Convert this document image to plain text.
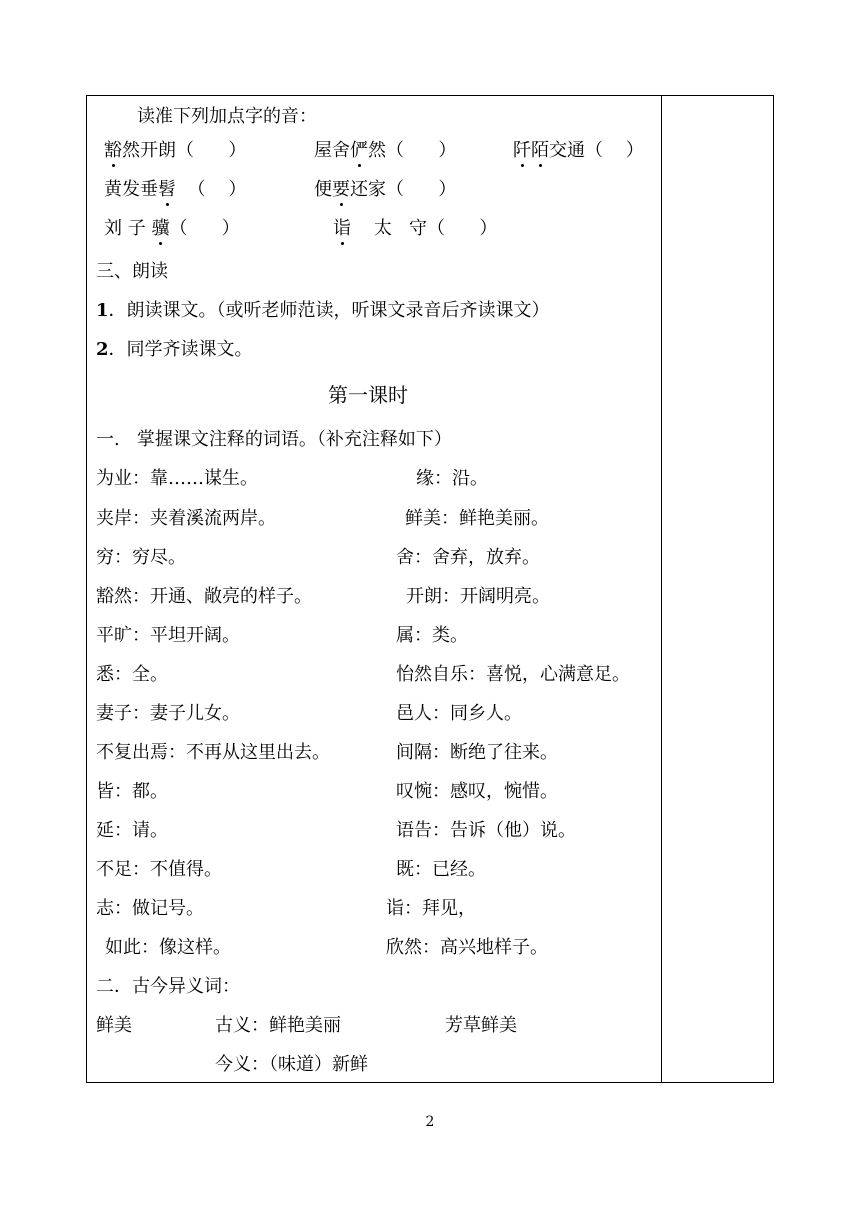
读准下列加点字的音：
豁然开朗（      ）	屋舍俨然（      ）	阡陌交通（    ）
黄发垂髫  （    ）	便要还家（      ）
刘 子 骥（      ）	诣    太   守（      ）
三、朗读
1．朗读课文。（或听老师范读，听课文录音后齐读课文）
2．同学齐读课文。
第一课时
一.   掌握课文注释的词语。（补充注释如下）
为业：靠……谋生。	缘：沿。
夹岸：夹着溪流两岸。	鲜美：鲜艳美丽。
穷：穷尽。	舍：舍弃，放弃。
豁然：开通、敞亮的样子。	开朗：开阔明亮。
平旷：平坦开阔。	属：类。
悉：全。	怡然自乐：喜悦，心满意足。
妻子：妻子儿女。	邑人：同乡人。
不复出焉：不再从这里出去。	间隔：断绝了往来。
皆：都。	叹惋：感叹，惋惜。
延：请。	语告：告诉（他）说。
不足：不值得。	既：已经。
志：做记号。	诣：拜见，
如此：像这样。	欣然：高兴地样子。
二．古今异义词：
鲜美	古义：鲜艳美丽	芳草鲜美
今义：（味道）新鲜
2
